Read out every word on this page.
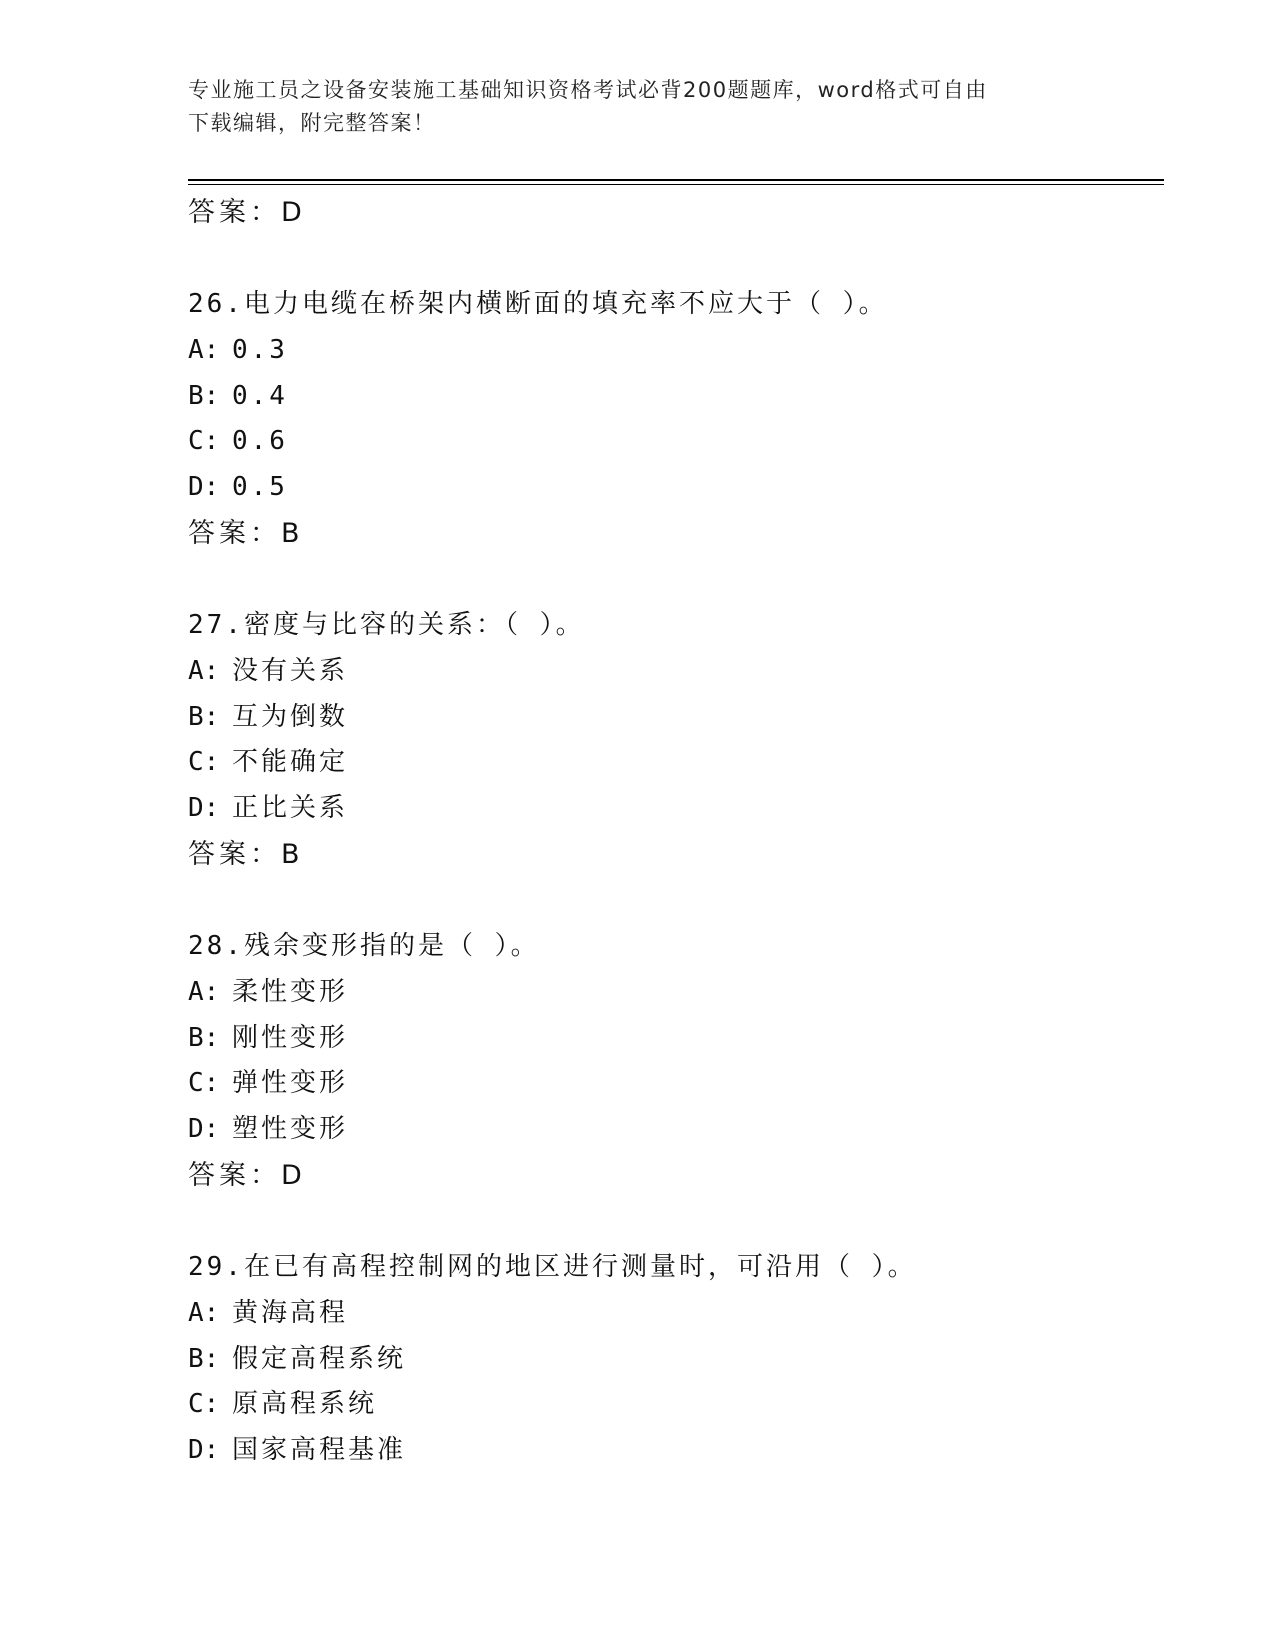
专业施工员之设备安装施工基础知识资格考试必背200题题库，word格式可自由
下载编辑，附完整答案！
答案：D
26.电力电缆在桥架内横断面的填充率不应大于（ ）。
A: 0.3
B: 0.4
C: 0.6
D: 0.5
答案：B
27.密度与比容的关系：（ ）。
A: 没有关系
B: 互为倒数
C: 不能确定
D: 正比关系
答案：B
28.残余变形指的是（ ）。
A: 柔性变形
B: 刚性变形
C: 弹性变形
D: 塑性变形
答案：D
29.在已有高程控制网的地区进行测量时，可沿用（ ）。
A: 黄海高程
B: 假定高程系统
C: 原高程系统
D: 国家高程基准
